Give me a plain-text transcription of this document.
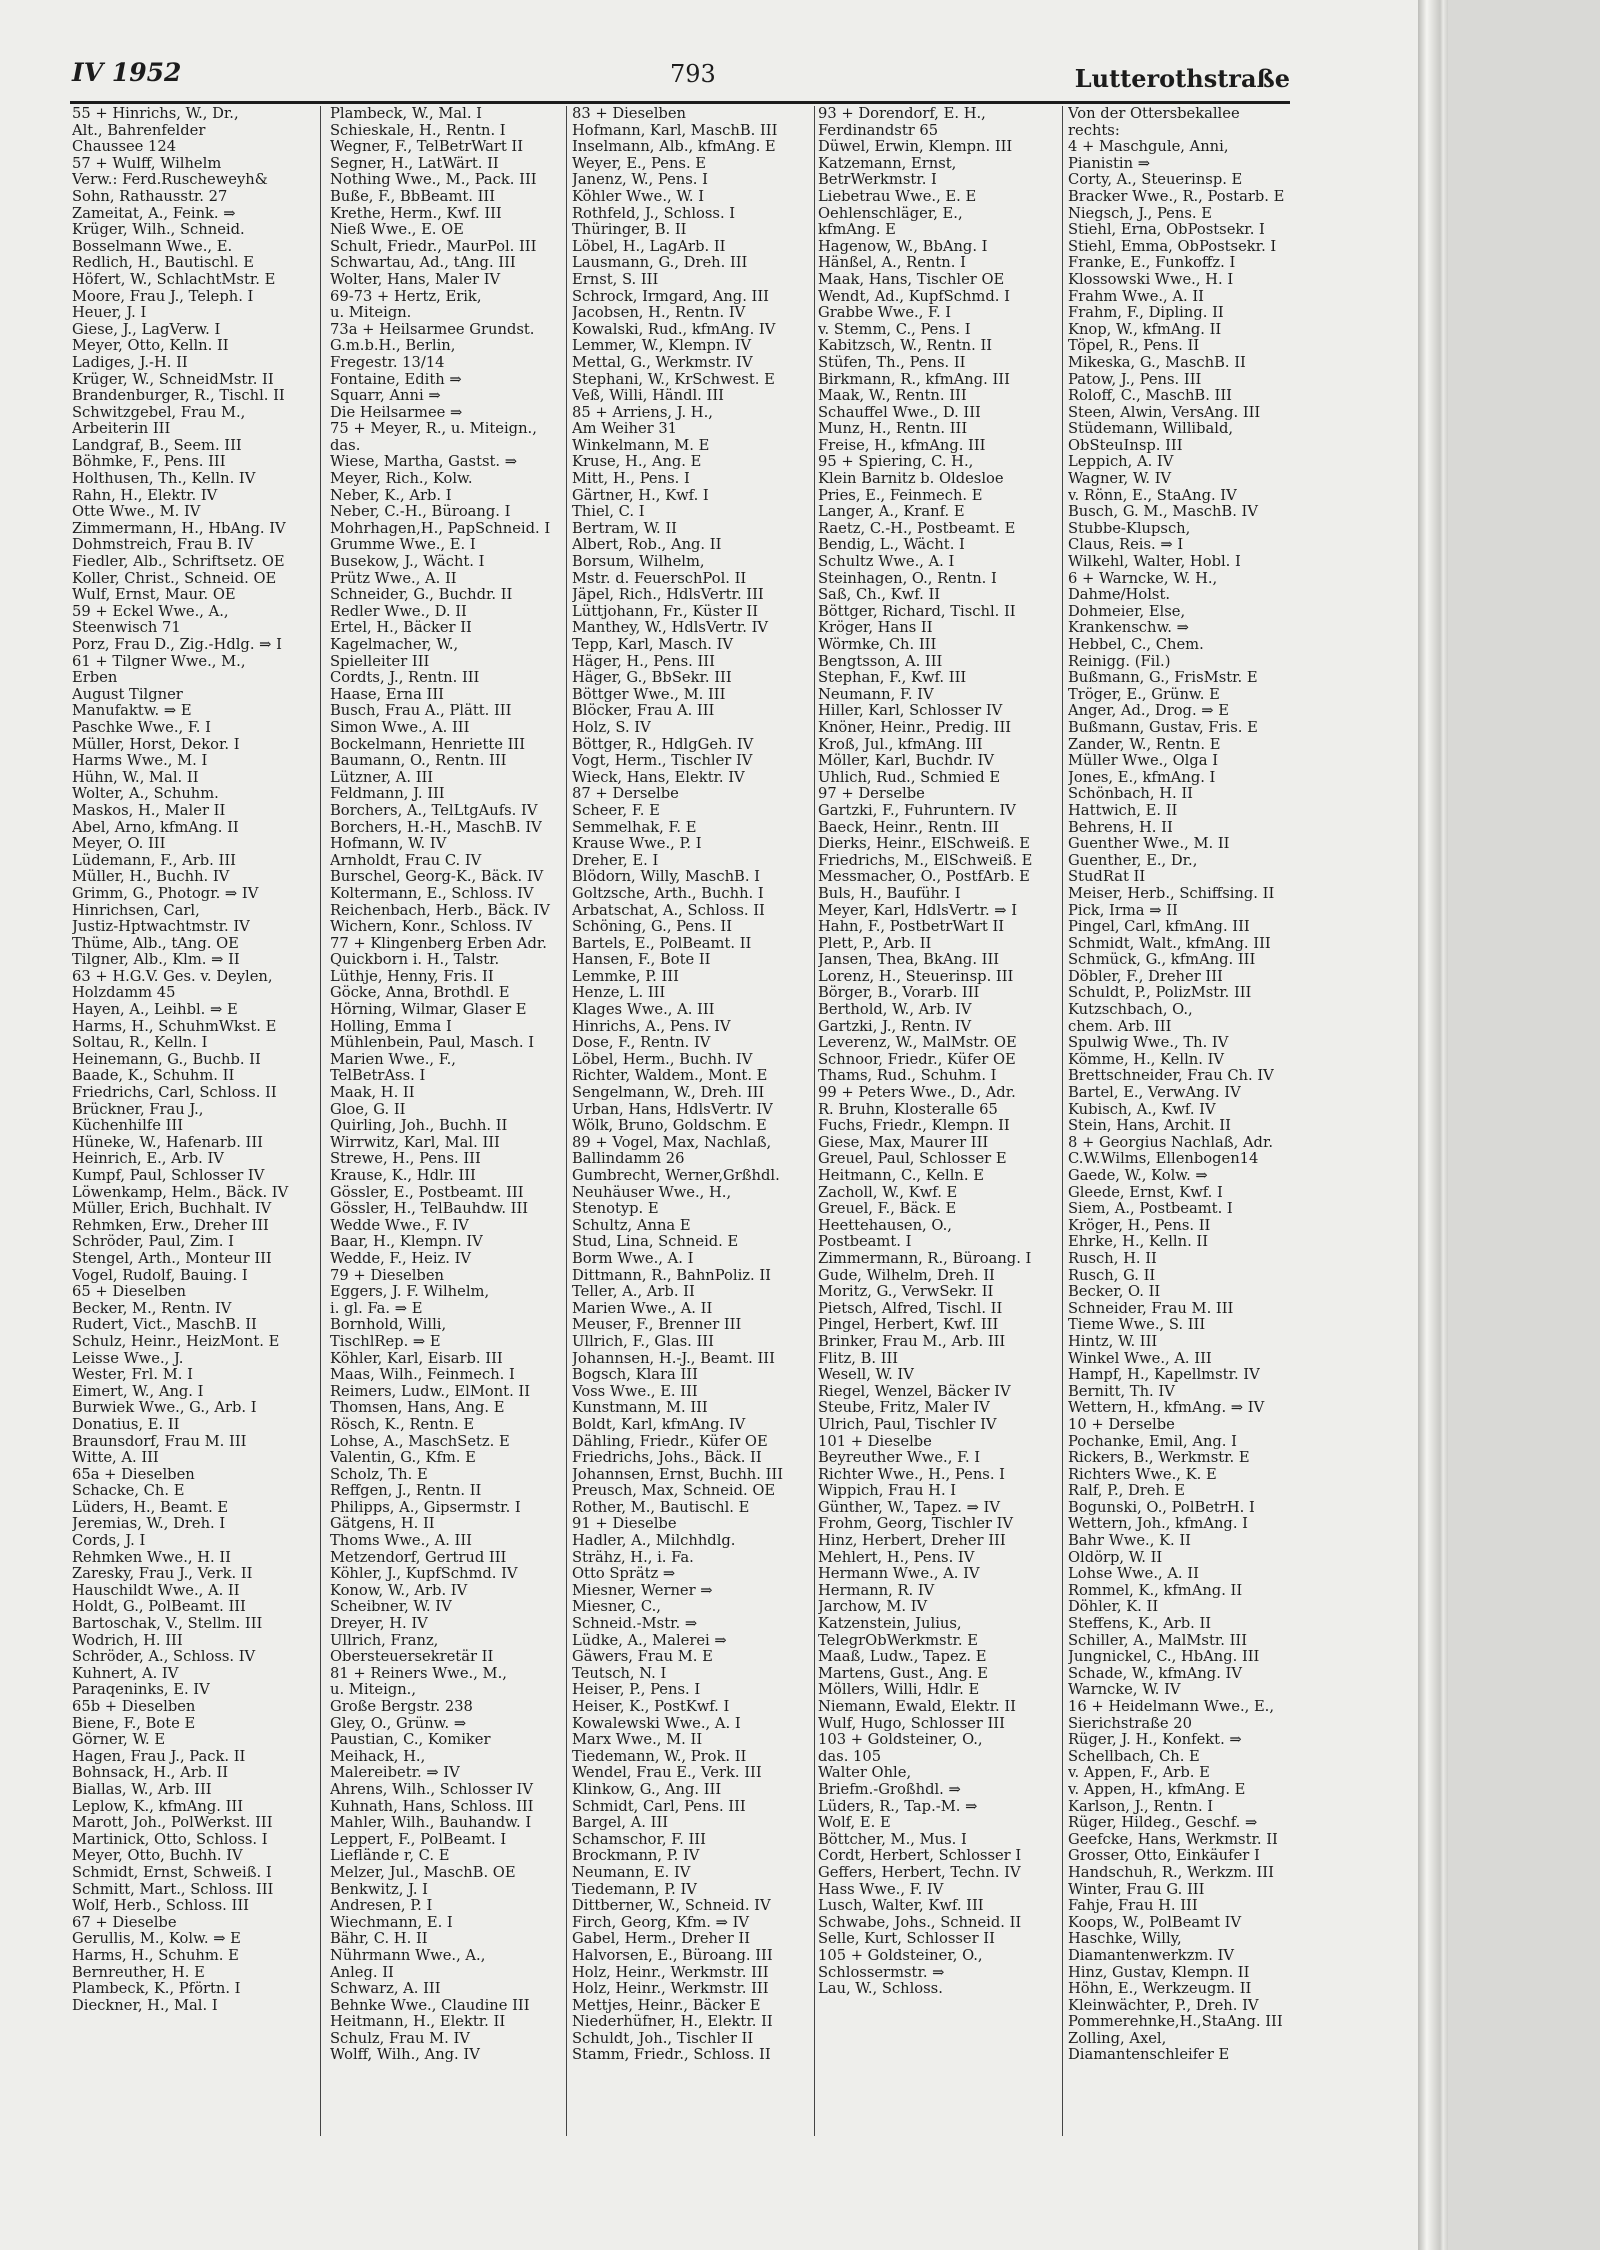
IV 1952	793	Lutterothstraße
55 + Hinrichs, W., Dr.,
Alt., Bahrenfelder
Chaussee 124
57 + Wulff, Wilhelm
Verw.: Ferd.Ruscheweyh&
Sohn, Rathausstr. 27
Zameitat, A., Feink. ⇒
Krüger, Wilh., Schneid.
Bosselmann Wwe., E.
Redlich, H., Bautischl. E
Höfert, W., SchlachtMstr. E
Moore, Frau J., Teleph. I
Heuer, J. I
Giese, J., LagVerw. I
Meyer, Otto, Kelln. II
Ladiges, J.-H. II
Krüger, W., SchneidMstr. II
Brandenburger, R., Tischl. II
Schwitzgebel, Frau M.,
Arbeiterin III
Landgraf, B., Seem. III
Böhmke, F., Pens. III
Holthusen, Th., Kelln. IV
Rahn, H., Elektr. IV
Otte Wwe., M. IV
Zimmermann, H., HbAng. IV
Dohmstreich, Frau B. IV
Fiedler, Alb., Schriftsetz. OE
Koller, Christ., Schneid. OE
Wulf, Ernst, Maur. OE
59 + Eckel Wwe., A.,
Steenwisch 71
Porz, Frau D., Zig.-Hdlg. ⇒ I
61 + Tilgner Wwe., M.,
Erben
August Tilgner
Manufaktw. ⇒ E
Paschke Wwe., F. I
Müller, Horst, Dekor. I
Harms Wwe., M. I
Hühn, W., Mal. II
Wolter, A., Schuhm.
Maskos, H., Maler II
Abel, Arno, kfmAng. II
Meyer, O. III
Lüdemann, F., Arb. III
Müller, H., Buchh. IV
Grimm, G., Photogr. ⇒ IV
Hinrichsen, Carl,
Justiz-Hptwachtmstr. IV
Thüme, Alb., tAng. OE
Tilgner, Alb., Klm. ⇒ II
63 + H.G.V. Ges. v. Deylen,
Holzdamm 45
Hayen, A., Leihbl. ⇒ E
Harms, H., SchuhmWkst. E
Soltau, R., Kelln. I
Heinemann, G., Buchb. II
Baade, K., Schuhm. II
Friedrichs, Carl, Schloss. II
Brückner, Frau J.,
Küchenhilfe III
Hüneke, W., Hafenarb. III
Heinrich, E., Arb. IV
Kumpf, Paul, Schlosser IV
Löwenkamp, Helm., Bäck. IV
Müller, Erich, Buchhalt. IV
Rehmken, Erw., Dreher III
Schröder, Paul, Zim. I
Stengel, Arth., Monteur III
Vogel, Rudolf, Bauing. I
65 + Dieselben
Becker, M., Rentn. IV
Rudert, Vict., MaschB. II
Schulz, Heinr., HeizMont. E
Leisse Wwe., J.
Wester, Frl. M. I
Eimert, W., Ang. I
Burwiek Wwe., G., Arb. I
Donatius, E. II
Braunsdorf, Frau M. III
Witte, A. III
65a + Dieselben
Schacke, Ch. E
Lüders, H., Beamt. E
Jeremias, W., Dreh. I
Cords, J. I
Rehmken Wwe., H. II
Zaresky, Frau J., Verk. II
Hauschildt Wwe., A. II
Holdt, G., PolBeamt. III
Bartoschak, V., Stellm. III
Wodrich, H. III
Schröder, A., Schloss. IV
Kuhnert, A. IV
Paraqeninks, E. IV
65b + Dieselben
Biene, F., Bote E
Görner, W. E
Hagen, Frau J., Pack. II
Bohnsack, H., Arb. II
Biallas, W., Arb. III
Leplow, K., kfmAng. III
Marott, Joh., PolWerkst. III
Martinick, Otto, Schloss. I
Meyer, Otto, Buchh. IV
Schmidt, Ernst, Schweiß. I
Schmitt, Mart., Schloss. III
Wolf, Herb., Schloss. III
67 + Dieselbe
Gerullis, M., Kolw. ⇒ E
Harms, H., Schuhm. E
Bernreuther, H. E
Plambeck, K., Pförtn. I
Dieckner, H., Mal. I
Plambeck, W., Mal. I
Schieskale, H., Rentn. I
Wegner, F., TelBetrWart II
Segner, H., LatWärt. II
Nothing Wwe., M., Pack. III
Buße, F., BbBeamt. III
Krethe, Herm., Kwf. III
Nieß Wwe., E. OE
Schult, Friedr., MaurPol. III
Schwartau, Ad., tAng. III
Wolter, Hans, Maler IV
69-73 + Hertz, Erik,
u. Miteign.
73a + Heilsarmee Grundst.
G.m.b.H., Berlin,
Fregestr. 13/14
Fontaine, Edith ⇒
Squarr, Anni ⇒
Die Heilsarmee ⇒
75 + Meyer, R., u. Miteign.,
das.
Wiese, Martha, Gastst. ⇒
Meyer, Rich., Kolw.
Neber, K., Arb. I
Neber, C.-H., Büroang. I
Mohrhagen,H., PapSchneid. I
Grumme Wwe., E. I
Busekow, J., Wächt. I
Prütz Wwe., A. II
Schneider, G., Buchdr. II
Redler Wwe., D. II
Ertel, H., Bäcker II
Kagelmacher, W.,
Spielleiter III
Cordts, J., Rentn. III
Haase, Erna III
Busch, Frau A., Plätt. III
Simon Wwe., A. III
Bockelmann, Henriette III
Baumann, O., Rentn. III
Lützner, A. III
Feldmann, J. III
Borchers, A., TelLtgAufs. IV
Borchers, H.-H., MaschB. IV
Hofmann, W. IV
Arnholdt, Frau C. IV
Burschel, Georg-K., Bäck. IV
Koltermann, E., Schloss. IV
Reichenbach, Herb., Bäck. IV
Wichern, Konr., Schloss. IV
77 + Klingenberg Erben Adr.
Quickborn i. H., Talstr.
Lüthje, Henny, Fris. II
Göcke, Anna, Brothdl. E
Hörning, Wilmar, Glaser E
Holling, Emma I
Mühlenbein, Paul, Masch. I
Marien Wwe., F.,
TelBetrAss. I
Maak, H. II
Gloe, G. II
Quirling, Joh., Buchh. II
Wirrwitz, Karl, Mal. III
Strewe, H., Pens. III
Krause, K., Hdlr. III
Gössler, E., Postbeamt. III
Gössler, H., TelBauhdw. III
Wedde Wwe., F. IV
Baar, H., Klempn. IV
Wedde, F., Heiz. IV
79 + Dieselben
Eggers, J. F. Wilhelm,
i. gl. Fa. ⇒ E
Bornhold, Willi,
TischlRep. ⇒ E
Köhler, Karl, Eisarb. III
Maas, Wilh., Feinmech. I
Reimers, Ludw., ElMont. II
Thomsen, Hans, Ang. E
Rösch, K., Rentn. E
Lohse, A., MaschSetz. E
Valentin, G., Kfm. E
Scholz, Th. E
Reffgen, J., Rentn. II
Philipps, A., Gipsermstr. I
Gätgens, H. II
Thoms Wwe., A. III
Metzendorf, Gertrud III
Köhler, J., KupfSchmd. IV
Konow, W., Arb. IV
Scheibner, W. IV
Dreyer, H. IV
Ullrich, Franz,
Obersteuersekretär II
81 + Reiners Wwe., M.,
u. Miteign.,
Große Bergstr. 238
Gley, O., Grünw. ⇒
Paustian, C., Komiker
Meihack, H.,
Malereibetr. ⇒ IV
Ahrens, Wilh., Schlosser IV
Kuhnath, Hans, Schloss. III
Mahler, Wilh., Bauhandw. I
Leppert, F., PolBeamt. I
Lieflände r, C. E
Melzer, Jul., MaschB. OE
Benkwitz, J. I
Andresen, P. I
Wiechmann, E. I
Bähr, C. H. II
Nührmann Wwe., A.,
Anleg. II
Schwarz, A. III
Behnke Wwe., Claudine III
Heitmann, H., Elektr. II
Schulz, Frau M. IV
Wolff, Wilh., Ang. IV
83 + Dieselben
Hofmann, Karl, MaschB. III
Inselmann, Alb., kfmAng. E
Weyer, E., Pens. E
Janenz, W., Pens. I
Köhler Wwe., W. I
Rothfeld, J., Schloss. I
Thüringer, B. II
Löbel, H., LagArb. II
Lausmann, G., Dreh. III
Ernst, S. III
Schrock, Irmgard, Ang. III
Jacobsen, H., Rentn. IV
Kowalski, Rud., kfmAng. IV
Lemmer, W., Klempn. IV
Mettal, G., Werkmstr. IV
Stephani, W., KrSchwest. E
Veß, Willi, Händl. III
85 + Arriens, J. H.,
Am Weiher 31
Winkelmann, M. E
Kruse, H., Ang. E
Mitt, H., Pens. I
Gärtner, H., Kwf. I
Thiel, C. I
Bertram, W. II
Albert, Rob., Ang. II
Borsum, Wilhelm,
Mstr. d. FeuerschPol. II
Jäpel, Rich., HdlsVertr. III
Lüttjohann, Fr., Küster II
Manthey, W., HdlsVertr. IV
Tepp, Karl, Masch. IV
Häger, H., Pens. III
Häger, G., BbSekr. III
Böttger Wwe., M. III
Blöcker, Frau A. III
Holz, S. IV
Böttger, R., HdlgGeh. IV
Vogt, Herm., Tischler IV
Wieck, Hans, Elektr. IV
87 + Derselbe
Scheer, F. E
Semmelhak, F. E
Krause Wwe., P. I
Dreher, E. I
Blödorn, Willy, MaschB. I
Goltzsche, Arth., Buchh. I
Arbatschat, A., Schloss. II
Schöning, G., Pens. II
Bartels, E., PolBeamt. II
Hansen, F., Bote II
Lemmke, P. III
Henze, L. III
Klages Wwe., A. III
Hinrichs, A., Pens. IV
Dose, F., Rentn. IV
Löbel, Herm., Buchh. IV
Richter, Waldem., Mont. E
Sengelmann, W., Dreh. III
Urban, Hans, HdlsVertr. IV
Wölk, Bruno, Goldschm. E
89 + Vogel, Max, Nachlaß,
Ballindamm 26
Gumbrecht, Werner,Grßhdl.
Neuhäuser Wwe., H.,
Stenotyp. E
Schultz, Anna E
Stud, Lina, Schneid. E
Borm Wwe., A. I
Dittmann, R., BahnPoliz. II
Teller, A., Arb. II
Marien Wwe., A. II
Meuser, F., Brenner III
Ullrich, F., Glas. III
Johannsen, H.-J., Beamt. III
Bogsch, Klara III
Voss Wwe., E. III
Kunstmann, M. III
Boldt, Karl, kfmAng. IV
Dähling, Friedr., Küfer OE
Friedrichs, Johs., Bäck. II
Johannsen, Ernst, Buchh. III
Preusch, Max, Schneid. OE
Rother, M., Bautischl. E
91 + Dieselbe
Hadler, A., Milchhdlg.
Strähz, H., i. Fa.
Otto Sprätz ⇒
Miesner, Werner ⇒
Miesner, C.,
Schneid.-Mstr. ⇒
Lüdke, A., Malerei ⇒
Gäwers, Frau M. E
Teutsch, N. I
Heiser, P., Pens. I
Heiser, K., PostKwf. I
Kowalewski Wwe., A. I
Marx Wwe., M. II
Tiedemann, W., Prok. II
Wendel, Frau E., Verk. III
Klinkow, G., Ang. III
Schmidt, Carl, Pens. III
Bargel, A. III
Schamschor, F. III
Brockmann, P. IV
Neumann, E. IV
Tiedemann, P. IV
Dittberner, W., Schneid. IV
Firch, Georg, Kfm. ⇒ IV
Gabel, Herm., Dreher II
Halvorsen, E., Büroang. III
Holz, Heinr., Werkmstr. III
Holz, Heinr., Werkmstr. III
Mettjes, Heinr., Bäcker E
Niederhüfner, H., Elektr. II
Schuldt, Joh., Tischler II
Stamm, Friedr., Schloss. II
93 + Dorendorf, E. H.,
Ferdinandstr 65
Düwel, Erwin, Klempn. III
Katzemann, Ernst,
BetrWerkmstr. I
Liebetrau Wwe., E. E
Oehlenschläger, E.,
kfmAng. E
Hagenow, W., BbAng. I
Hänßel, A., Rentn. I
Maak, Hans, Tischler OE
Wendt, Ad., KupfSchmd. I
Grabbe Wwe., F. I
v. Stemm, C., Pens. I
Kabitzsch, W., Rentn. II
Stüfen, Th., Pens. II
Birkmann, R., kfmAng. III
Maak, W., Rentn. III
Schauffel Wwe., D. III
Munz, H., Rentn. III
Freise, H., kfmAng. III
95 + Spiering, C. H.,
Klein Barnitz b. Oldesloe
Pries, E., Feinmech. E
Langer, A., Kranf. E
Raetz, C.-H., Postbeamt. E
Bendig, L., Wächt. I
Schultz Wwe., A. I
Steinhagen, O., Rentn. I
Saß, Ch., Kwf. II
Böttger, Richard, Tischl. II
Kröger, Hans II
Wörmke, Ch. III
Bengtsson, A. III
Stephan, F., Kwf. III
Neumann, F. IV
Hiller, Karl, Schlosser IV
Knöner, Heinr., Predig. III
Kroß, Jul., kfmAng. III
Möller, Karl, Buchdr. IV
Uhlich, Rud., Schmied E
97 + Derselbe
Gartzki, F., Fuhruntern. IV
Baeck, Heinr., Rentn. III
Dierks, Heinr., ElSchweiß. E
Friedrichs, M., ElSchweiß. E
Messmacher, O., PostfArb. E
Buls, H., Bauführ. I
Meyer, Karl, HdlsVertr. ⇒ I
Hahn, F., PostbetrWart II
Plett, P., Arb. II
Jansen, Thea, BkAng. III
Lorenz, H., Steuerinsp. III
Börger, B., Vorarb. III
Berthold, W., Arb. IV
Gartzki, J., Rentn. IV
Leverenz, W., MalMstr. OE
Schnoor, Friedr., Küfer OE
Thams, Rud., Schuhm. I
99 + Peters Wwe., D., Adr.
R. Bruhn, Klosteralle 65
Fuchs, Friedr., Klempn. II
Giese, Max, Maurer III
Greuel, Paul, Schlosser E
Heitmann, C., Kelln. E
Zacholl, W., Kwf. E
Greuel, F., Bäck. E
Heettehausen, O.,
Postbeamt. I
Zimmermann, R., Büroang. I
Gude, Wilhelm, Dreh. II
Moritz, G., VerwSekr. II
Pietsch, Alfred, Tischl. II
Pingel, Herbert, Kwf. III
Brinker, Frau M., Arb. III
Flitz, B. III
Wesell, W. IV
Riegel, Wenzel, Bäcker IV
Steube, Fritz, Maler IV
Ulrich, Paul, Tischler IV
101 + Dieselbe
Beyreuther Wwe., F. I
Richter Wwe., H., Pens. I
Wippich, Frau H. I
Günther, W., Tapez. ⇒ IV
Frohm, Georg, Tischler IV
Hinz, Herbert, Dreher III
Mehlert, H., Pens. IV
Hermann Wwe., A. IV
Hermann, R. IV
Jarchow, M. IV
Katzenstein, Julius,
TelegrObWerkmstr. E
Maaß, Ludw., Tapez. E
Martens, Gust., Ang. E
Möllers, Willi, Hdlr. E
Niemann, Ewald, Elektr. II
Wulf, Hugo, Schlosser III
103 + Goldsteiner, O.,
das. 105
Walter Ohle,
Briefm.-Großhdl. ⇒
Lüders, R., Tap.-M. ⇒
Wolf, E. E
Böttcher, M., Mus. I
Cordt, Herbert, Schlosser I
Geffers, Herbert, Techn. IV
Hass Wwe., F. IV
Lusch, Walter, Kwf. III
Schwabe, Johs., Schneid. II
Selle, Kurt, Schlosser II
105 + Goldsteiner, O.,
Schlossermstr. ⇒
Lau, W., Schloss.
Von der Ottersbekallee
rechts:
4 + Maschgule, Anni,
Pianistin ⇒
Corty, A., Steuerinsp. E
Bracker Wwe., R., Postarb. E
Niegsch, J., Pens. E
Stiehl, Erna, ObPostsekr. I
Stiehl, Emma, ObPostsekr. I
Franke, E., Funkoffz. I
Klossowski Wwe., H. I
Frahm Wwe., A. II
Frahm, F., Dipling. II
Knop, W., kfmAng. II
Töpel, R., Pens. II
Mikeska, G., MaschB. II
Patow, J., Pens. III
Roloff, C., MaschB. III
Steen, Alwin, VersAng. III
Stüdemann, Willibald,
ObSteuInsp. III
Leppich, A. IV
Wagner, W. IV
v. Rönn, E., StaAng. IV
Busch, G. M., MaschB. IV
Stubbe-Klupsch,
Claus, Reis. ⇒ I
Wilkehl, Walter, Hobl. I
6 + Warncke, W. H.,
Dahme/Holst.
Dohmeier, Else,
Krankenschw. ⇒
Hebbel, C., Chem.
Reinigg. (Fil.)
Bußmann, G., FrisMstr. E
Tröger, E., Grünw. E
Anger, Ad., Drog. ⇒ E
Bußmann, Gustav, Fris. E
Zander, W., Rentn. E
Müller Wwe., Olga I
Jones, E., kfmAng. I
Schönbach, H. II
Hattwich, E. II
Behrens, H. II
Guenther Wwe., M. II
Guenther, E., Dr.,
StudRat II
Meiser, Herb., Schiffsing. II
Pick, Irma ⇒ II
Pingel, Carl, kfmAng. III
Schmidt, Walt., kfmAng. III
Schmück, G., kfmAng. III
Döbler, F., Dreher III
Schuldt, P., PolizMstr. III
Kutzschbach, O.,
chem. Arb. III
Spulwig Wwe., Th. IV
Kömme, H., Kelln. IV
Brettschneider, Frau Ch. IV
Bartel, E., VerwAng. IV
Kubisch, A., Kwf. IV
Stein, Hans, Archit. II
8 + Georgius Nachlaß, Adr.
C.W.Wilms, Ellenbogen14
Gaede, W., Kolw. ⇒
Gleede, Ernst, Kwf. I
Siem, A., Postbeamt. I
Kröger, H., Pens. II
Ehrke, H., Kelln. II
Rusch, H. II
Rusch, G. II
Becker, O. II
Schneider, Frau M. III
Tieme Wwe., S. III
Hintz, W. III
Winkel Wwe., A. III
Hampf, H., Kapellmstr. IV
Bernitt, Th. IV
Wettern, H., kfmAng. ⇒ IV
10 + Derselbe
Pochanke, Emil, Ang. I
Rickers, B., Werkmstr. E
Richters Wwe., K. E
Ralf, P., Dreh. E
Bogunski, O., PolBetrH. I
Wettern, Joh., kfmAng. I
Bahr Wwe., K. II
Oldörp, W. II
Lohse Wwe., A. II
Rommel, K., kfmAng. II
Döhler, K. II
Steffens, K., Arb. II
Schiller, A., MalMstr. III
Jungnickel, C., HbAng. III
Schade, W., kfmAng. IV
Warncke, W. IV
16 + Heidelmann Wwe., E.,
Sierichstraße 20
Rüger, J. H., Konfekt. ⇒
Schellbach, Ch. E
v. Appen, F., Arb. E
v. Appen, H., kfmAng. E
Karlson, J., Rentn. I
Rüger, Hildeg., Geschf. ⇒
Geefcke, Hans, Werkmstr. II
Grosser, Otto, Einkäufer I
Handschuh, R., Werkzm. III
Winter, Frau G. III
Fahje, Frau H. III
Koops, W., PolBeamt IV
Haschke, Willy,
Diamantenwerkzm. IV
Hinz, Gustav, Klempn. II
Höhn, E., Werkzeugm. II
Kleinwächter, P., Dreh. IV
Pommerehnke,H.,StaAng. III
Zolling, Axel,
Diamantenschleifer E
